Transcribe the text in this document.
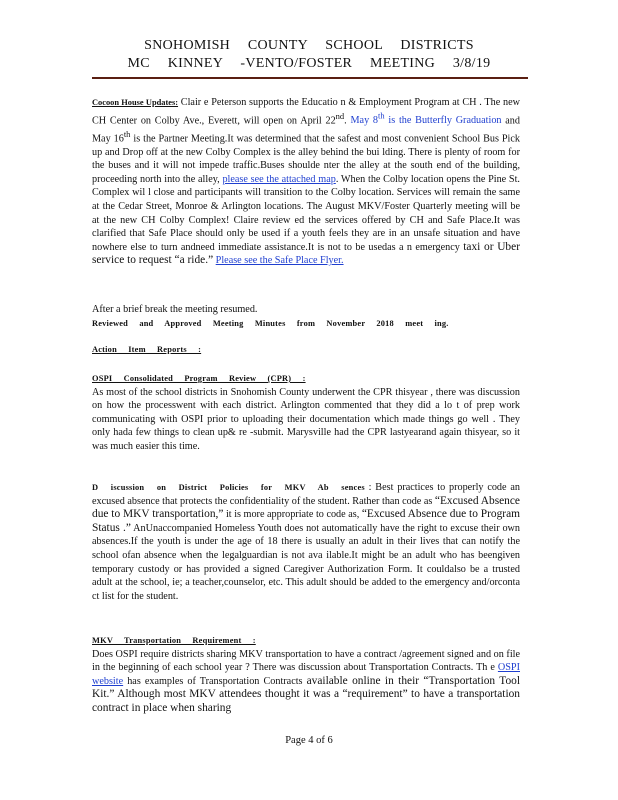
SNOHOMISH COUNTY SCHOOL DISTRICTS
MC KINNEY -VENTO/FOSTER MEETING 3/8/19
Cocoon House Updates: Clair e Peterson supports the Educatio n & Employment Program at CH . The new CH Center on Colby Ave., Everett, will open on April 22nd. May 8th is the Butterfly Graduation and May 16th is the Partner Meeting.It was determined that the safest and most convenient School Bus Pick up and Drop off at the new Colby Complex is the alley behind the bui lding. There is plenty of room for the buses and it will not impede traffic.Buses shoulde nter the alley at the south end of the building, proceeding north into the alley, please see the attached map. When the Colby location opens the Pine St. Complex wil l close and participants will transition to the Colby location. Services will remain the same at the Cedar Street, Monroe & Arlington locations. The August MKV/Foster Quarterly meeting will be at the new CH Colby Complex! Claire review ed the services offered by CH and Safe Place.It was clarified that Safe Place should only be used if a youth feels they are in an unsafe situation and have nowhere else to turn andneed immediate assistance.It is not to be usedas a n emergency taxi or Uber service to request “a ride.” Please see the Safe Place Flyer.
After a brief break the meeting resumed.
Reviewed and Approved Meeting Minutes from November 2018 meet ing.
Action Item Reports :
OSPI Consolidated Program Review (CPR) :
As most of the school districts in Snohomish County underwent the CPR thisyear , there was discussion on how the processwent with each district. Arlington commented that they did a lo t of prep work communicating with OSPI prior to uploading their documentation which made things go well . They only hada few things to clean up& re -submit. Marysville had the CPR lastyearand again thisyear, so it was much easier this time.
D iscussion on District Policies for MKV Ab sences : Best practices to properly code an excused absence that protects the confidentiality of the student. Rather than code as “Excused Absence due to MKV transportation,” it is more appropriate to code as, “Excused Absence due to Program Status .” AnUnaccompanied Homeless Youth does not automatically have the right to excuse their own absences.If the youth is under the age of 18 there is usually an adult in their lives that can notify the school ofan absence when the legalguardian is not ava ilable.It might be an adult who has beengiven temporary custody or has provided a signed Caregiver Authorization Form. It couldalso be a trusted adult at the school, ie; a teacher,counselor, etc. This adult should be added to the emergency and/orconta ct list for the student.
MKV Transportation Requirement :
Does OSPI require districts sharing MKV transportation to have a contract /agreement signed and on file in the beginning of each school year ? There was discussion about Transportation Contracts. Th e OSPI website has examples of Transportation Contracts available online in their “Transportation Tool Kit.” Although most MKV attendees thought it was a “requirement” to have a transportation contract in place when sharing
Page 4 of 6
